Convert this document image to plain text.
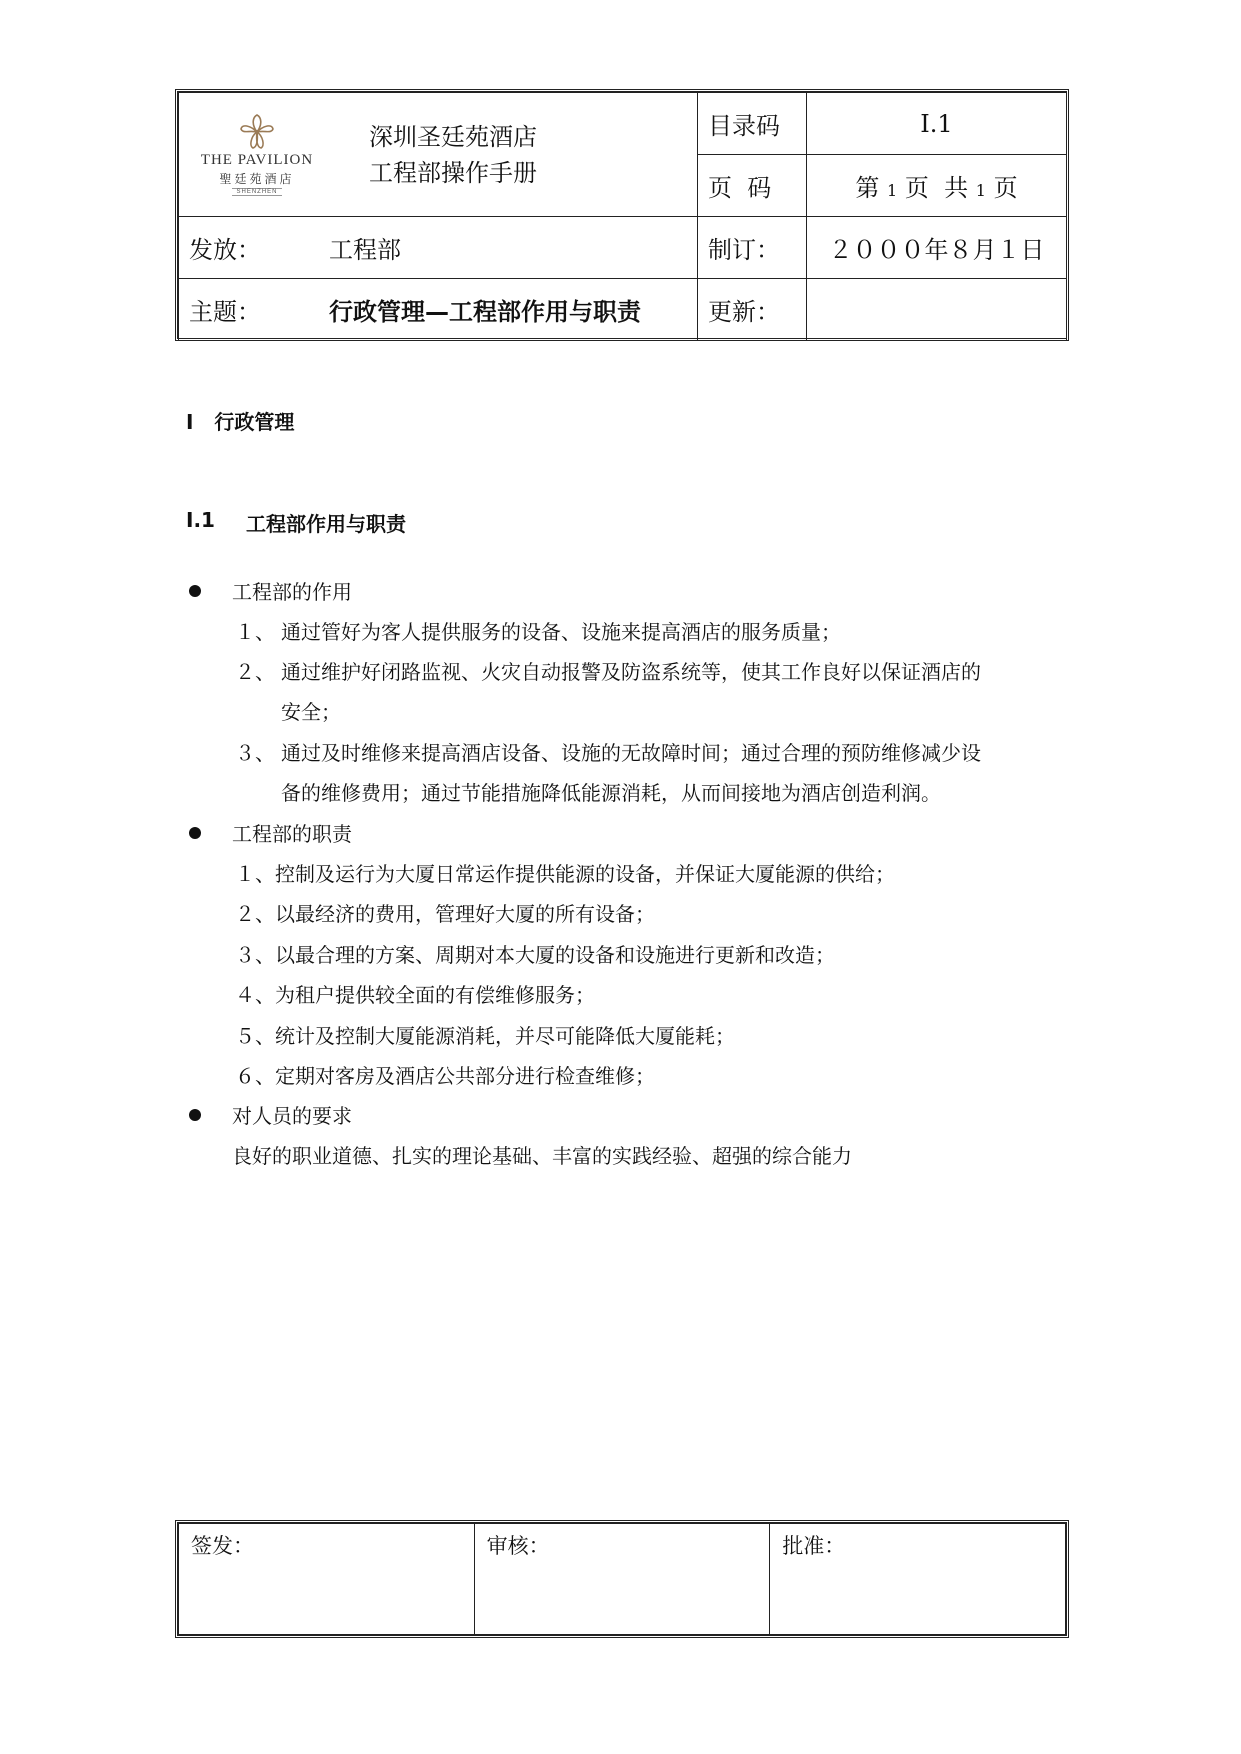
THE PAVILION
聖廷苑酒店
SHENZHEN
深圳圣廷苑酒店
工程部操作手册	目录码	I.1
	页  码	第 1 页  共 1 页
发放： 工程部	制订：	２０００年８月１日
主题： 行政管理—工程部作用与职责	更新：	
I   行政管理
I.1 工程部作用与职责
工程部的作用
１、 通过管好为客人提供服务的设备、设施来提高酒店的服务质量；
２、 通过维护好闭路监视、火灾自动报警及防盗系统等，使其工作良好以保证酒店的
安全；
３、 通过及时维修来提高酒店设备、设施的无故障时间；通过合理的预防维修减少设
备的维修费用；通过节能措施降低能源消耗，从而间接地为酒店创造利润。
工程部的职责
１、控制及运行为大厦日常运作提供能源的设备，并保证大厦能源的供给；
２、以最经济的费用，管理好大厦的所有设备；
３、以最合理的方案、周期对本大厦的设备和设施进行更新和改造；
４、为租户提供较全面的有偿维修服务；
５、统计及控制大厦能源消耗，并尽可能降低大厦能耗；
６、定期对客房及酒店公共部分进行检查维修；
对人员的要求
良好的职业道德、扎实的理论基础、丰富的实践经验、超强的综合能力
签发：	审核：	批准：
